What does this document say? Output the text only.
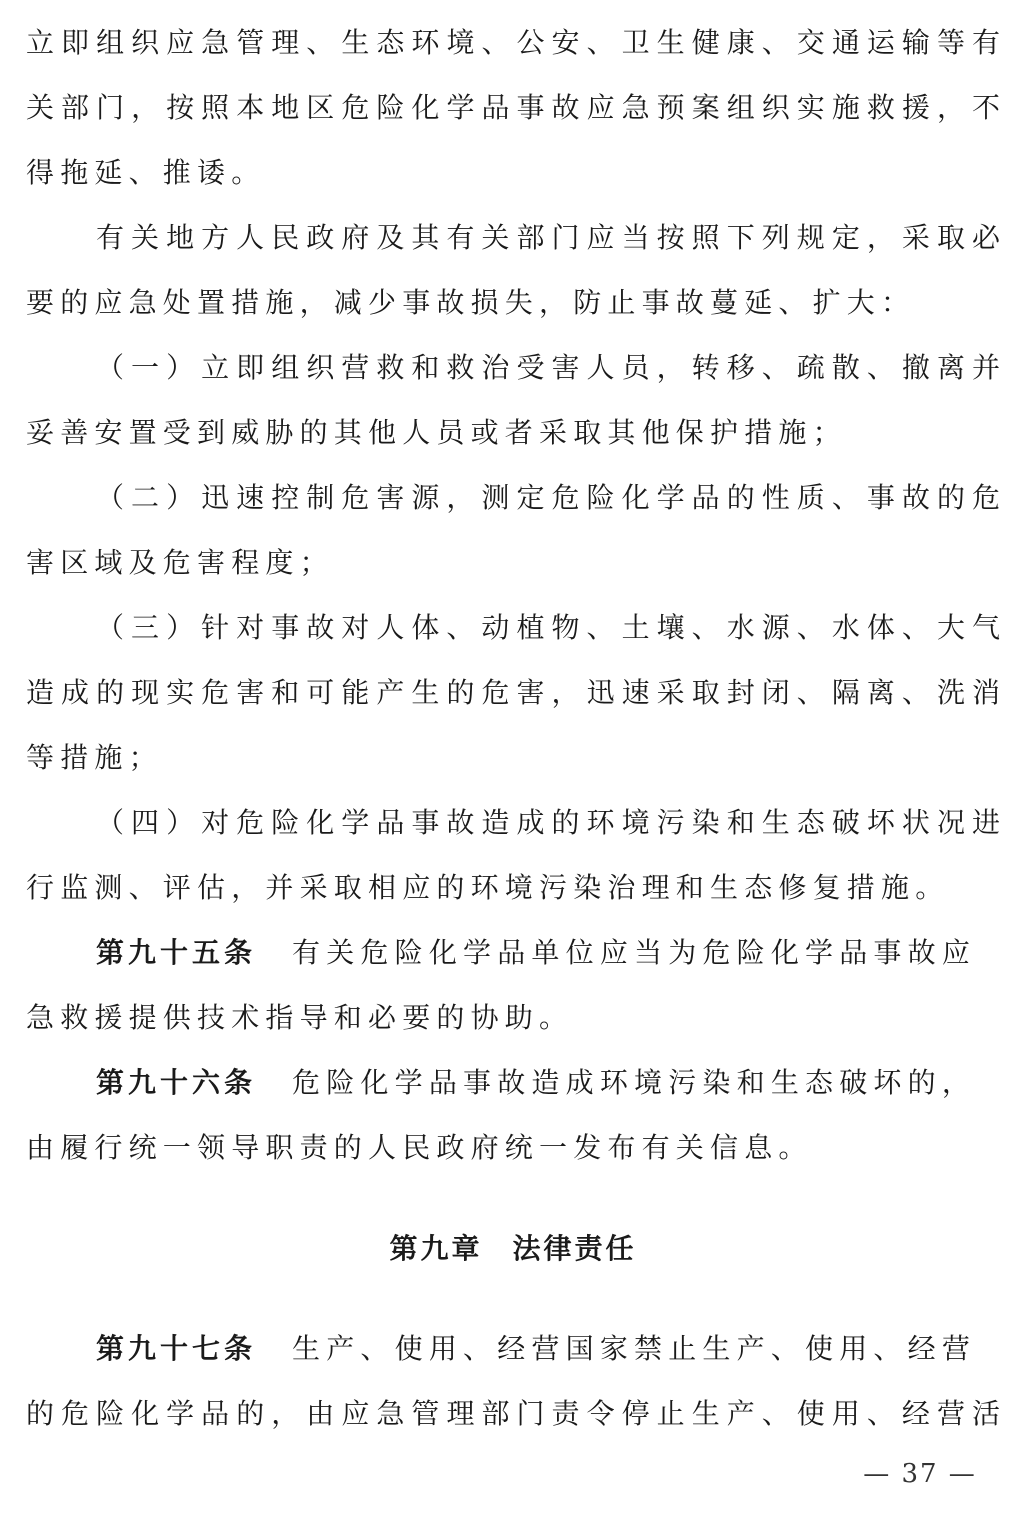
立即组织应急管理、生态环境、公安、卫生健康、交通运输等有
关部门，按照本地区危险化学品事故应急预案组织实施救援，不
得拖延、推诿。
有关地方人民政府及其有关部门应当按照下列规定，采取必
要的应急处置措施，减少事故损失，防止事故蔓延、扩大：
（一）立即组织营救和救治受害人员，转移、疏散、撤离并
妥善安置受到威胁的其他人员或者采取其他保护措施；
（二）迅速控制危害源，测定危险化学品的性质、事故的危
害区域及危害程度；
（三）针对事故对人体、动植物、土壤、水源、水体、大气
造成的现实危害和可能产生的危害，迅速采取封闭、隔离、洗消
等措施；
（四）对危险化学品事故造成的环境污染和生态破坏状况进
行监测、评估，并采取相应的环境污染治理和生态修复措施。
第九十五条 有关危险化学品单位应当为危险化学品事故应
急救援提供技术指导和必要的协助。
第九十六条 危险化学品事故造成环境污染和生态破坏的，
由履行统一领导职责的人民政府统一发布有关信息。
第九章 法律责任
第九十七条 生产、使用、经营国家禁止生产、使用、经营
的危险化学品的，由应急管理部门责令停止生产、使用、经营活
— 37 —
